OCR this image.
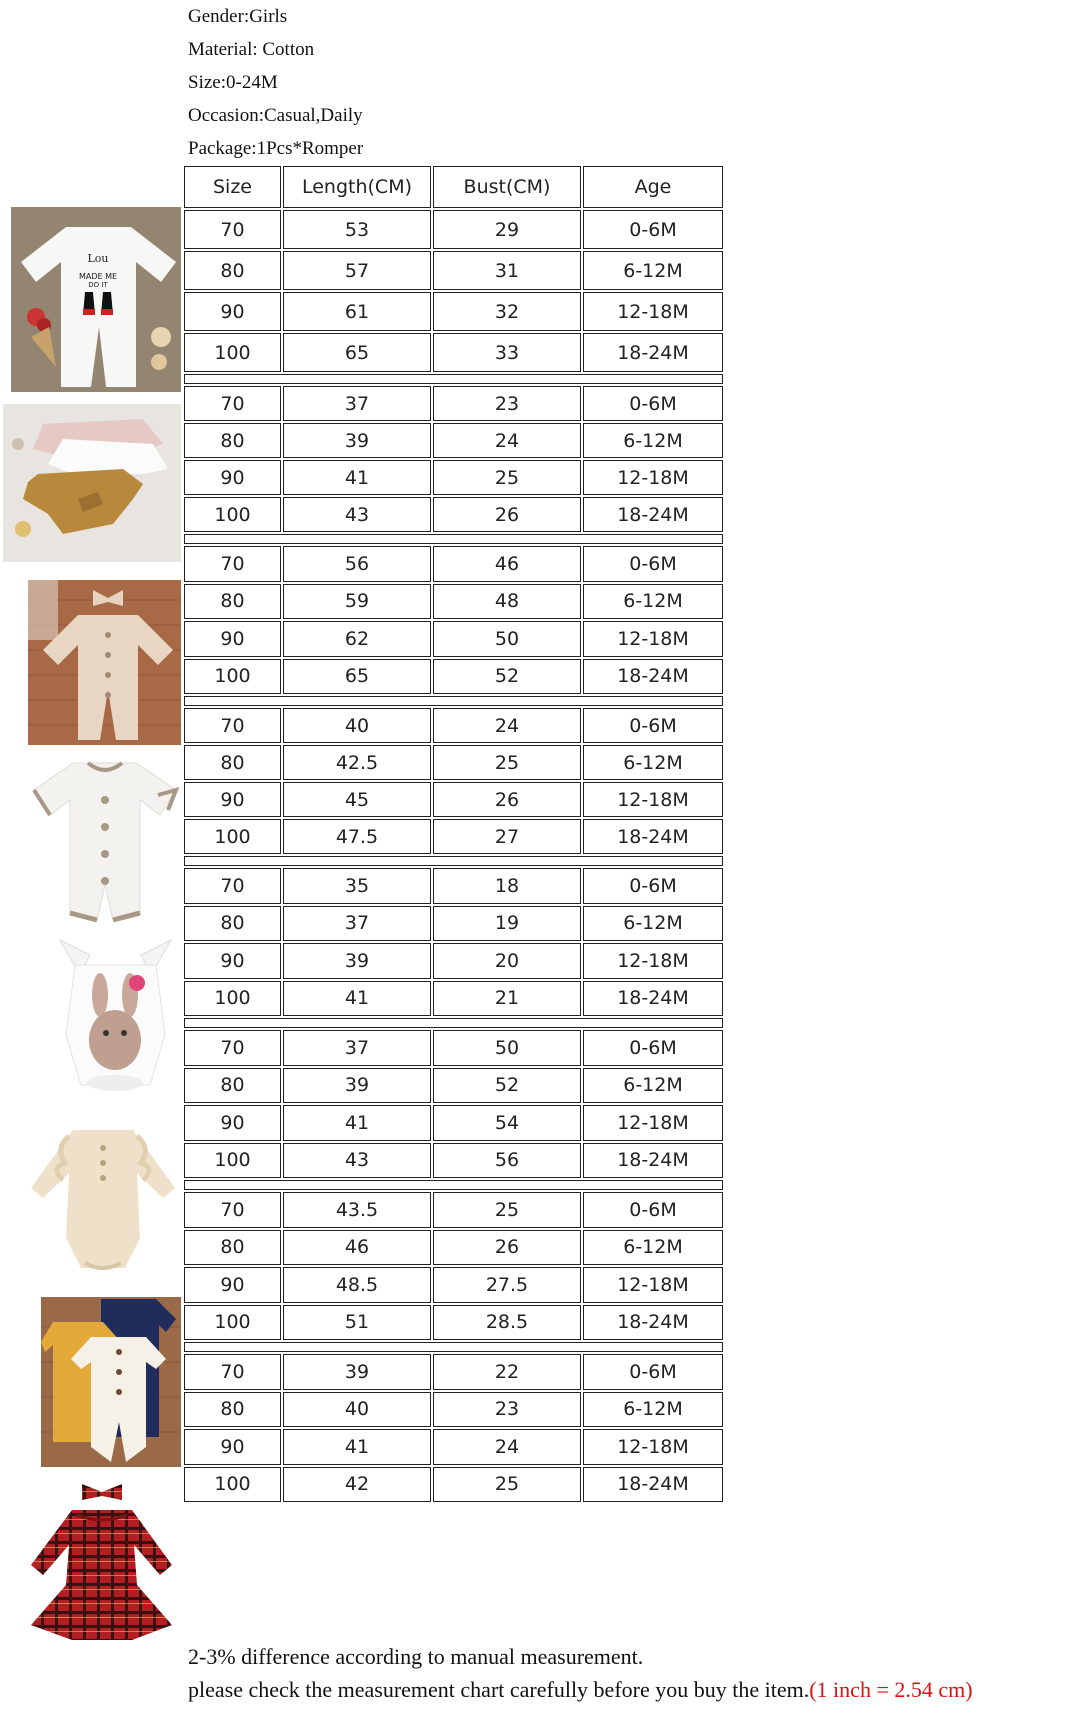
Gender:Girls
Material: Cotton
Size:0-24M
Occasion:Casual,Daily
Package:1Pcs*Romper
Size	Length(CM)	Bust(CM)	Age
70	53	29	0-6M
80	57	31	6-12M
90	61	32	12-18M
100	65	33	18-24M
70	37	23	0-6M
80	39	24	6-12M
90	41	25	12-18M
100	43	26	18-24M
70	56	46	0-6M
80	59	48	6-12M
90	62	50	12-18M
100	65	52	18-24M
70	40	24	0-6M
80	42.5	25	6-12M
90	45	26	12-18M
100	47.5	27	18-24M
70	35	18	0-6M
80	37	19	6-12M
90	39	20	12-18M
100	41	21	18-24M
70	37	50	0-6M
80	39	52	6-12M
90	41	54	12-18M
100	43	56	18-24M
70	43.5	25	0-6M
80	46	26	6-12M
90	48.5	27.5	12-18M
100	51	28.5	18-24M
70	39	22	0-6M
80	40	23	6-12M
90	41	24	12-18M
100	42	25	18-24M
Lou
MADE ME
DO IT
2-3% difference according to manual measurement.
please check the measurement chart carefully before you buy the item.(1 inch = 2.54 cm)
